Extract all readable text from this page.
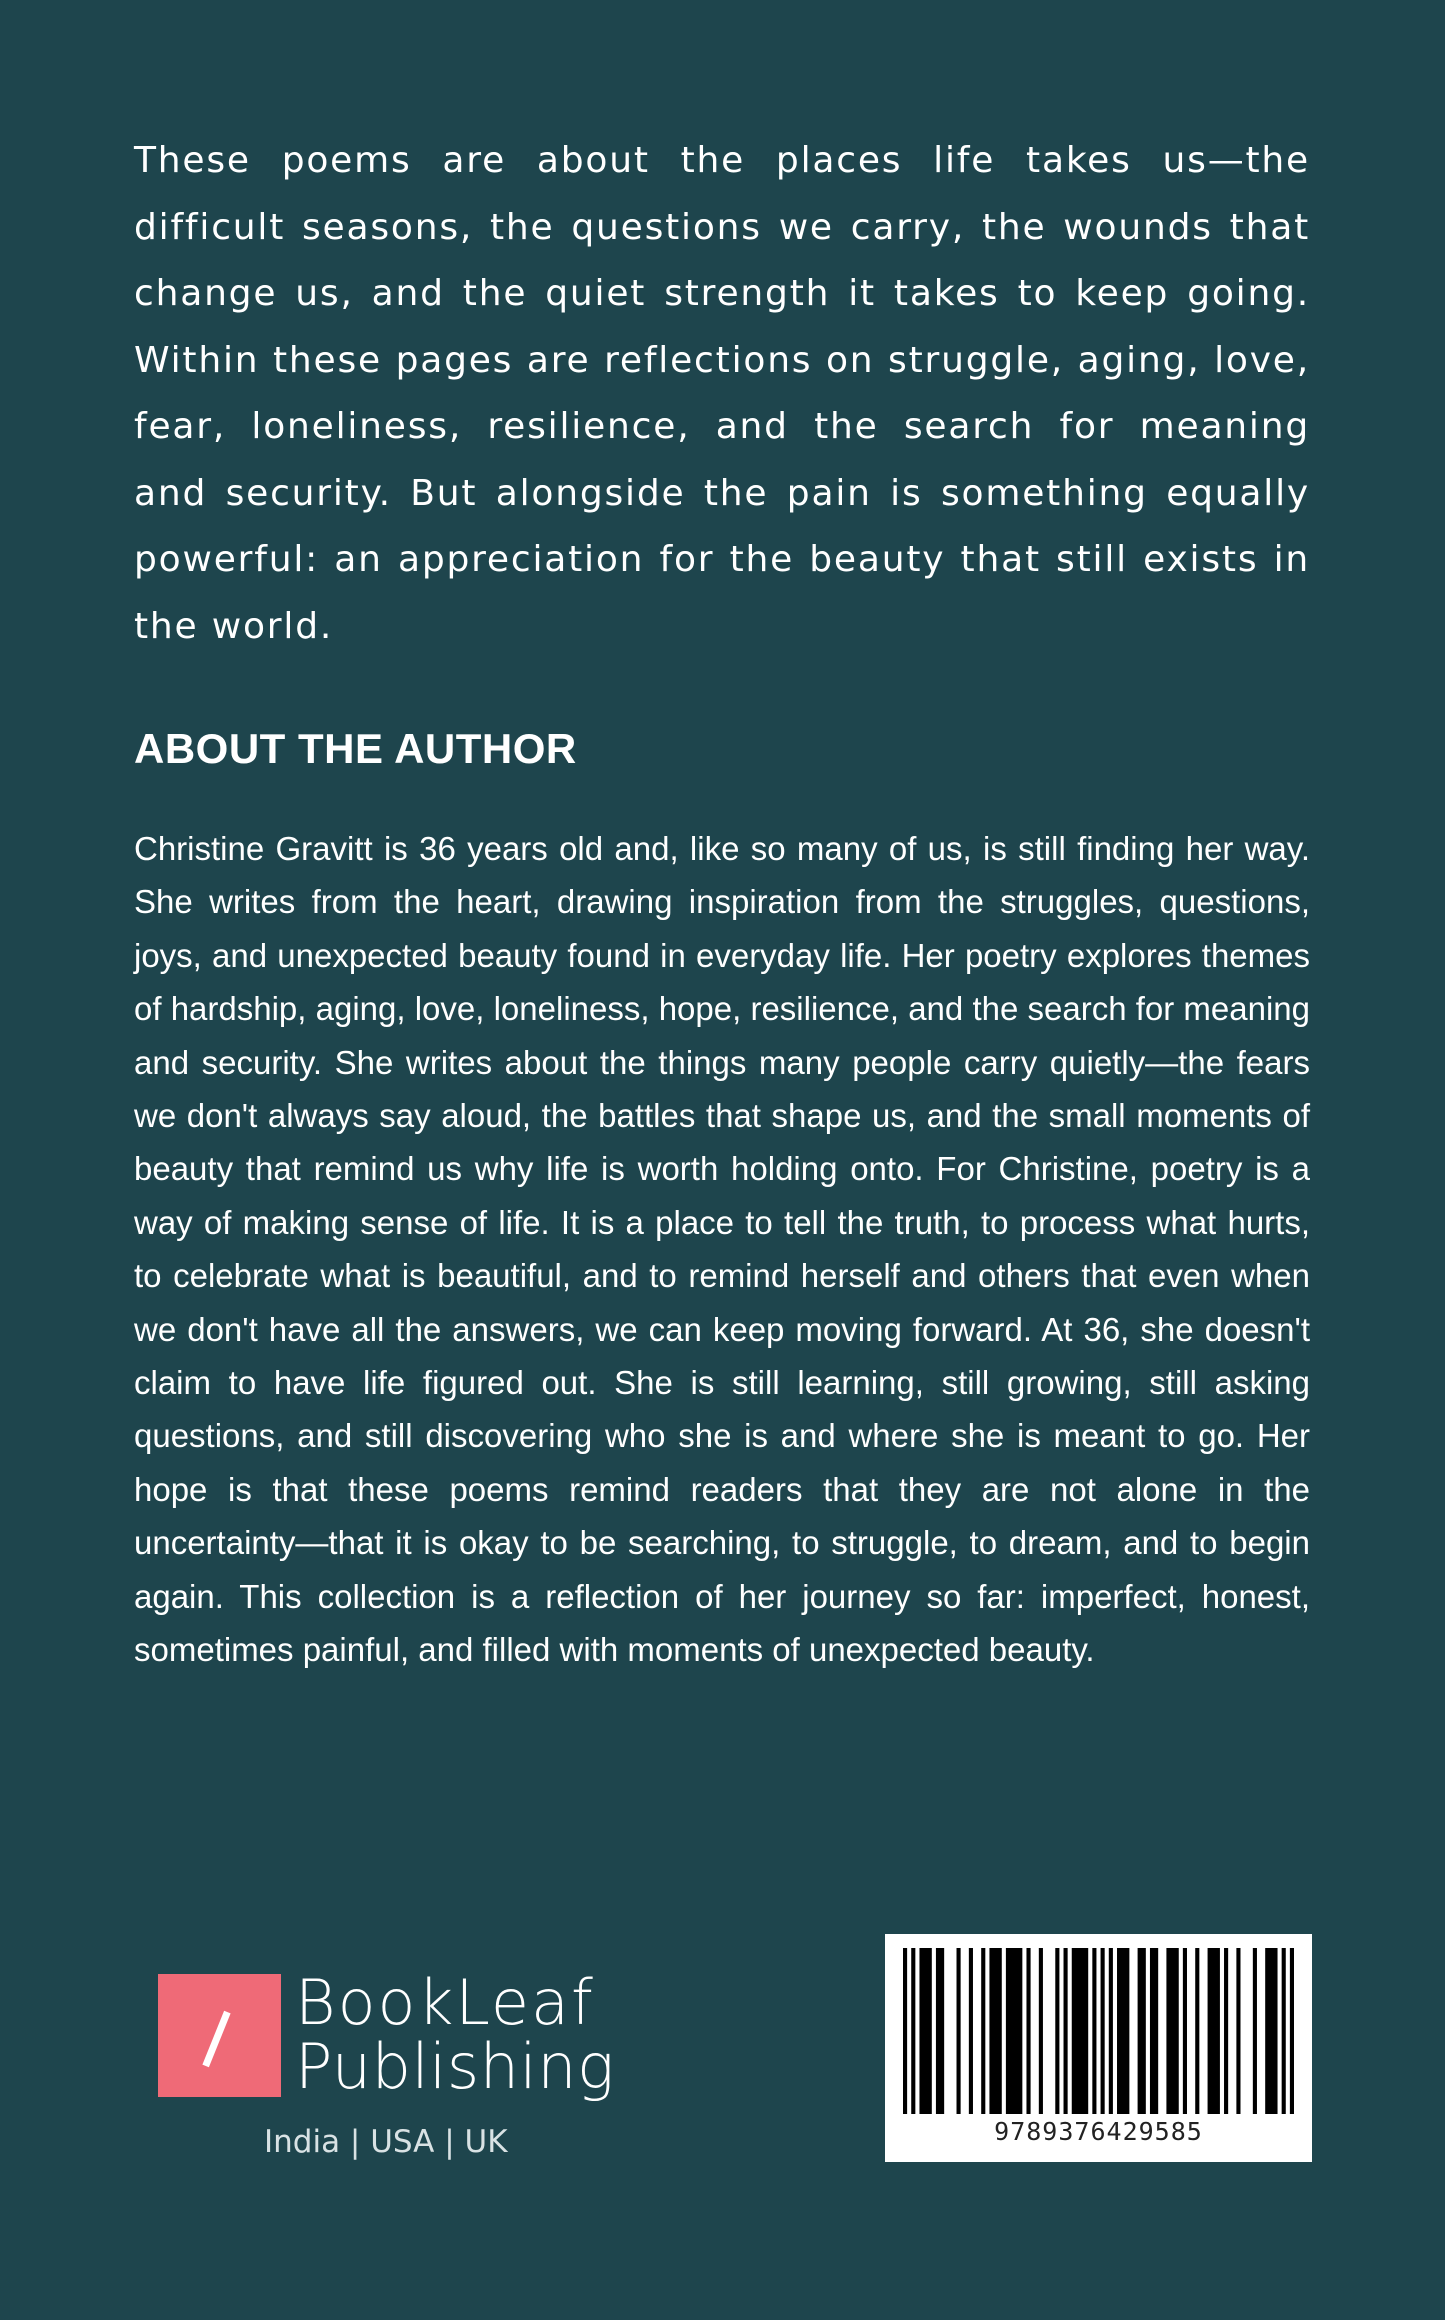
These poems are about the places life takes us—the difficult seasons, the questions we carry, the wounds that change us, and the quiet strength it takes to keep going. Within these pages are reflections on struggle, aging, love, fear, loneliness, resilience, and the search for meaning and security. But alongside the pain is something equally powerful: an appreciation for the beauty that still exists in the world.

ABOUT THE AUTHOR

Christine Gravitt is 36 years old and, like so many of us, is still finding her way. She writes from the heart, drawing inspiration from the struggles, questions, joys, and unexpected beauty found in everyday life. Her poetry explores themes of hardship, aging, love, loneliness, hope, resilience, and the search for meaning and security. She writes about the things many people carry quietly—the fears we don't always say aloud, the battles that shape us, and the small moments of beauty that remind us why life is worth holding onto. For Christine, poetry is a way of making sense of life. It is a place to tell the truth, to process what hurts, to celebrate what is beautiful, and to remind herself and others that even when we don't have all the answers, we can keep moving forward. At 36, she doesn't claim to have life figured out. She is still learning, still growing, still asking questions, and still discovering who she is and where she is meant to go. Her hope is that these poems remind readers that they are not alone in the uncertainty—that it is okay to be searching, to struggle, to dream, and to begin again. This collection is a reflection of her journey so far: imperfect, honest, sometimes painful, and filled with moments of unexpected beauty.

BookLeaf
Publishing
India | USA | UK	9789376429585
